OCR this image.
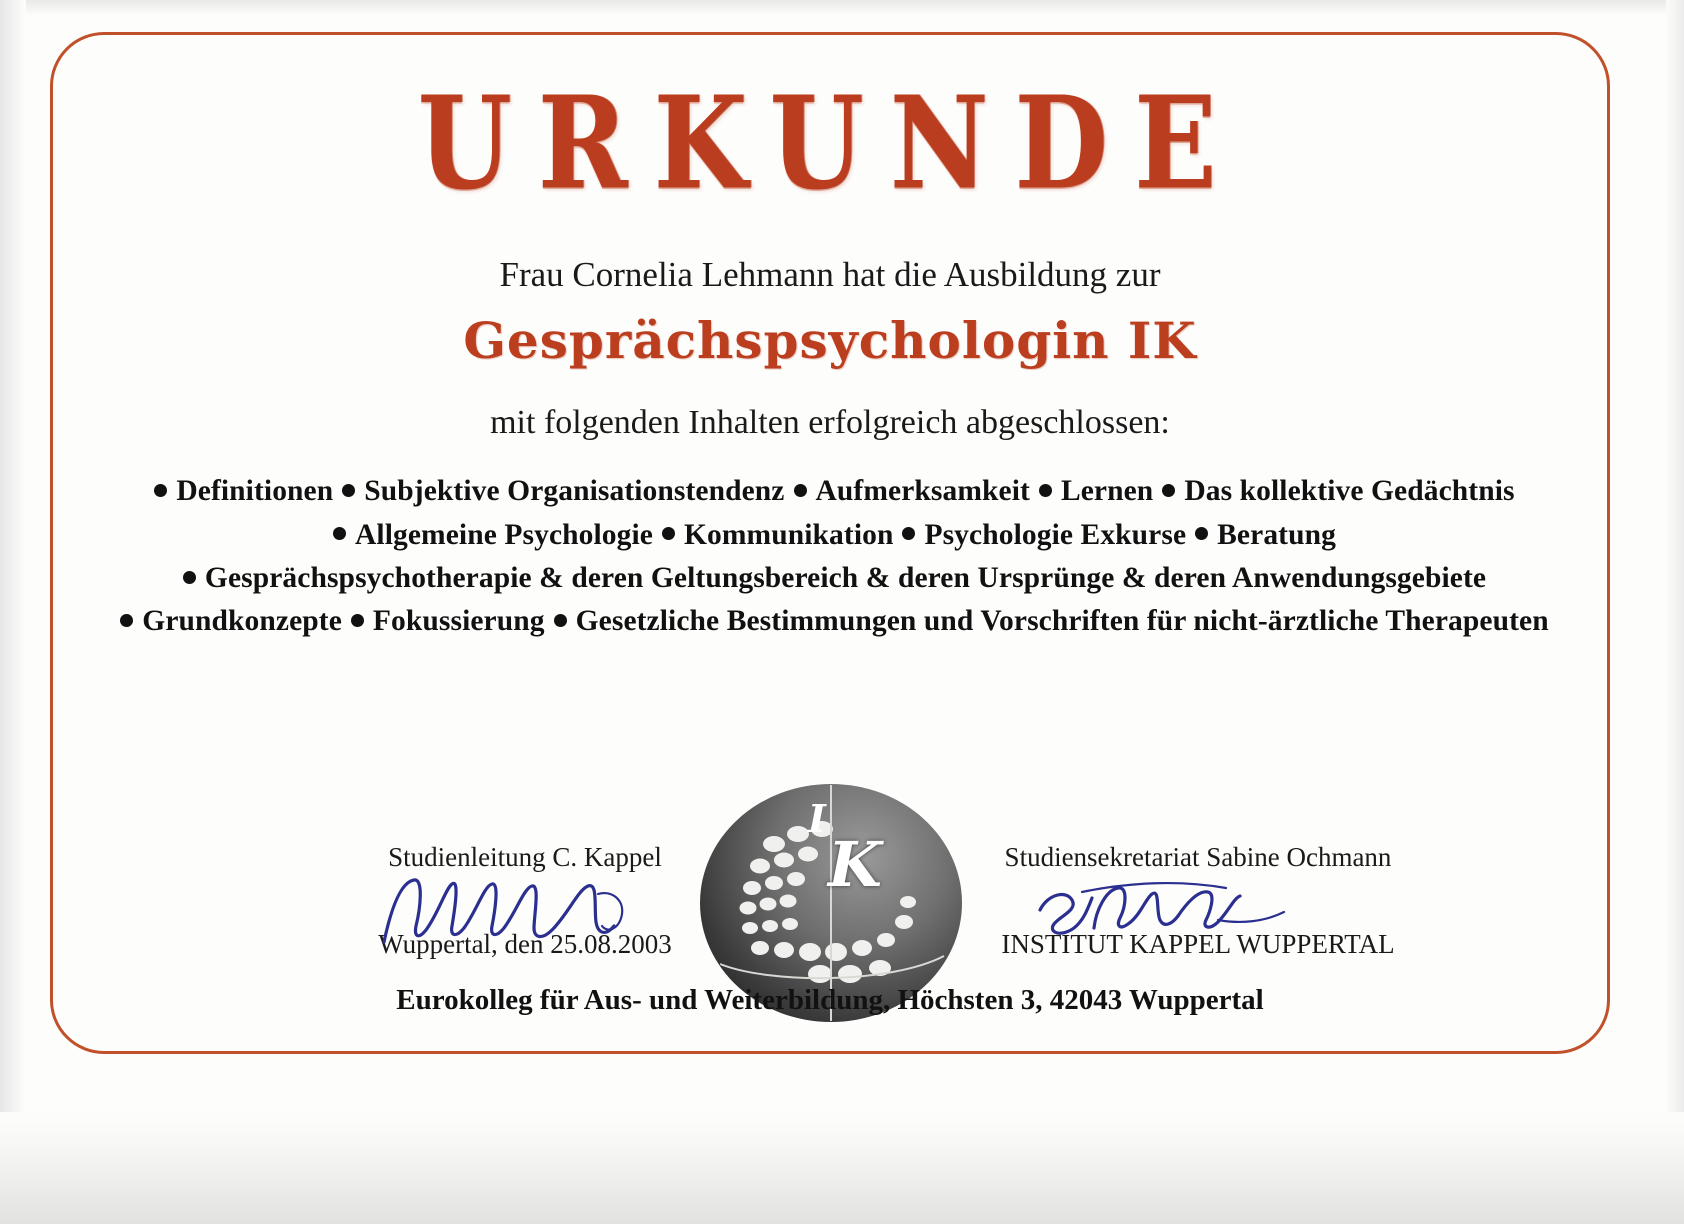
URKUNDE
Frau Cornelia Lehmann hat die Ausbildung zur
Gesprächspsychologin IK
mit folgenden Inhalten erfolgreich abgeschlossen:
Definitionen Subjektive Organisationstendenz Aufmerksamkeit Lernen Das kollektive Gedächtnis
Allgemeine Psychologie Kommunikation Psychologie Exkurse Beratung
Gesprächspsychotherapie & deren Geltungsbereich & deren Ursprünge & deren Anwendungsgebiete
Grundkonzepte Fokussierung Gesetzliche Bestimmungen und Vorschriften für nicht-ärztliche Therapeuten
Studienleitung C. Kappel
Wuppertal, den 25.08.2003
I
K	Studiensekretariat Sabine Ochmann
INSTITUT KAPPEL WUPPERTAL
Eurokolleg für Aus- und Weiterbildung, Höchsten 3, 42043 Wuppertal
